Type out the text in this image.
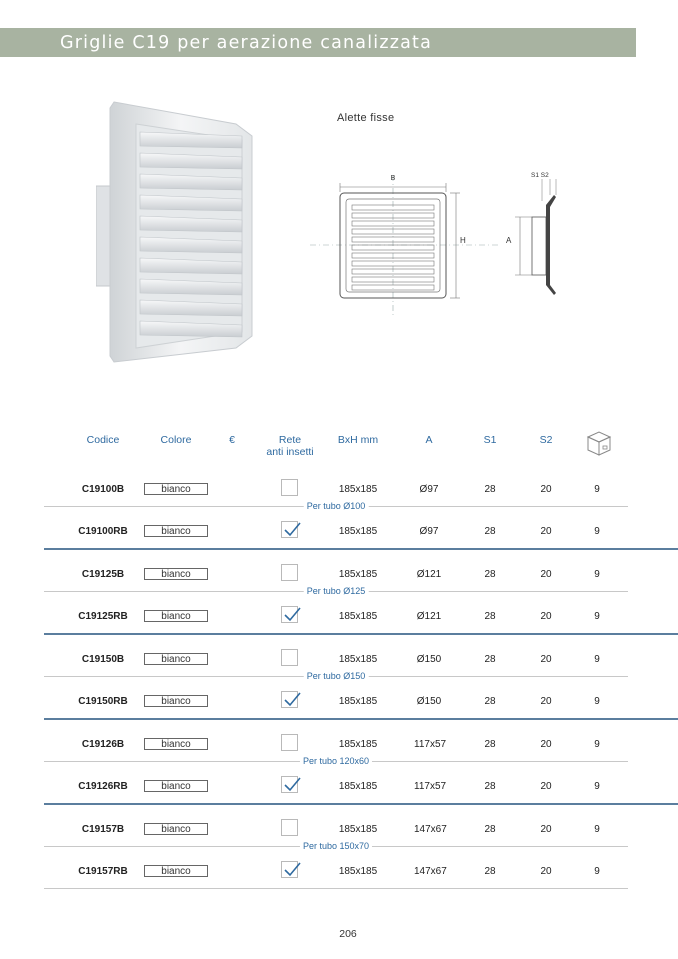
Griglie C19 per aerazione canalizzata
Alette fisse
B
H	A
S1 S2
Codice	Colore	€	Rete
anti insetti
BxH mm	A	S1	S2
C19100B	bianco	185x185	Ø97	28	20	9
C19100RB	bianco	185x185	Ø97	28	20	9
Per tubo Ø100
C19125B	bianco	185x185	Ø121	28	20	9
C19125RB	bianco	185x185	Ø121	28	20	9
Per tubo Ø125
C19150B	bianco	185x185	Ø150	28	20	9
C19150RB	bianco	185x185	Ø150	28	20	9
Per tubo Ø150
C19126B	bianco	185x185	117x57	28	20	9
C19126RB	bianco	185x185	117x57	28	20	9
Per tubo 120x60
C19157B	bianco	185x185	147x67	28	20	9
C19157RB	bianco	185x185	147x67	28	20	9
Per tubo 150x70
206
